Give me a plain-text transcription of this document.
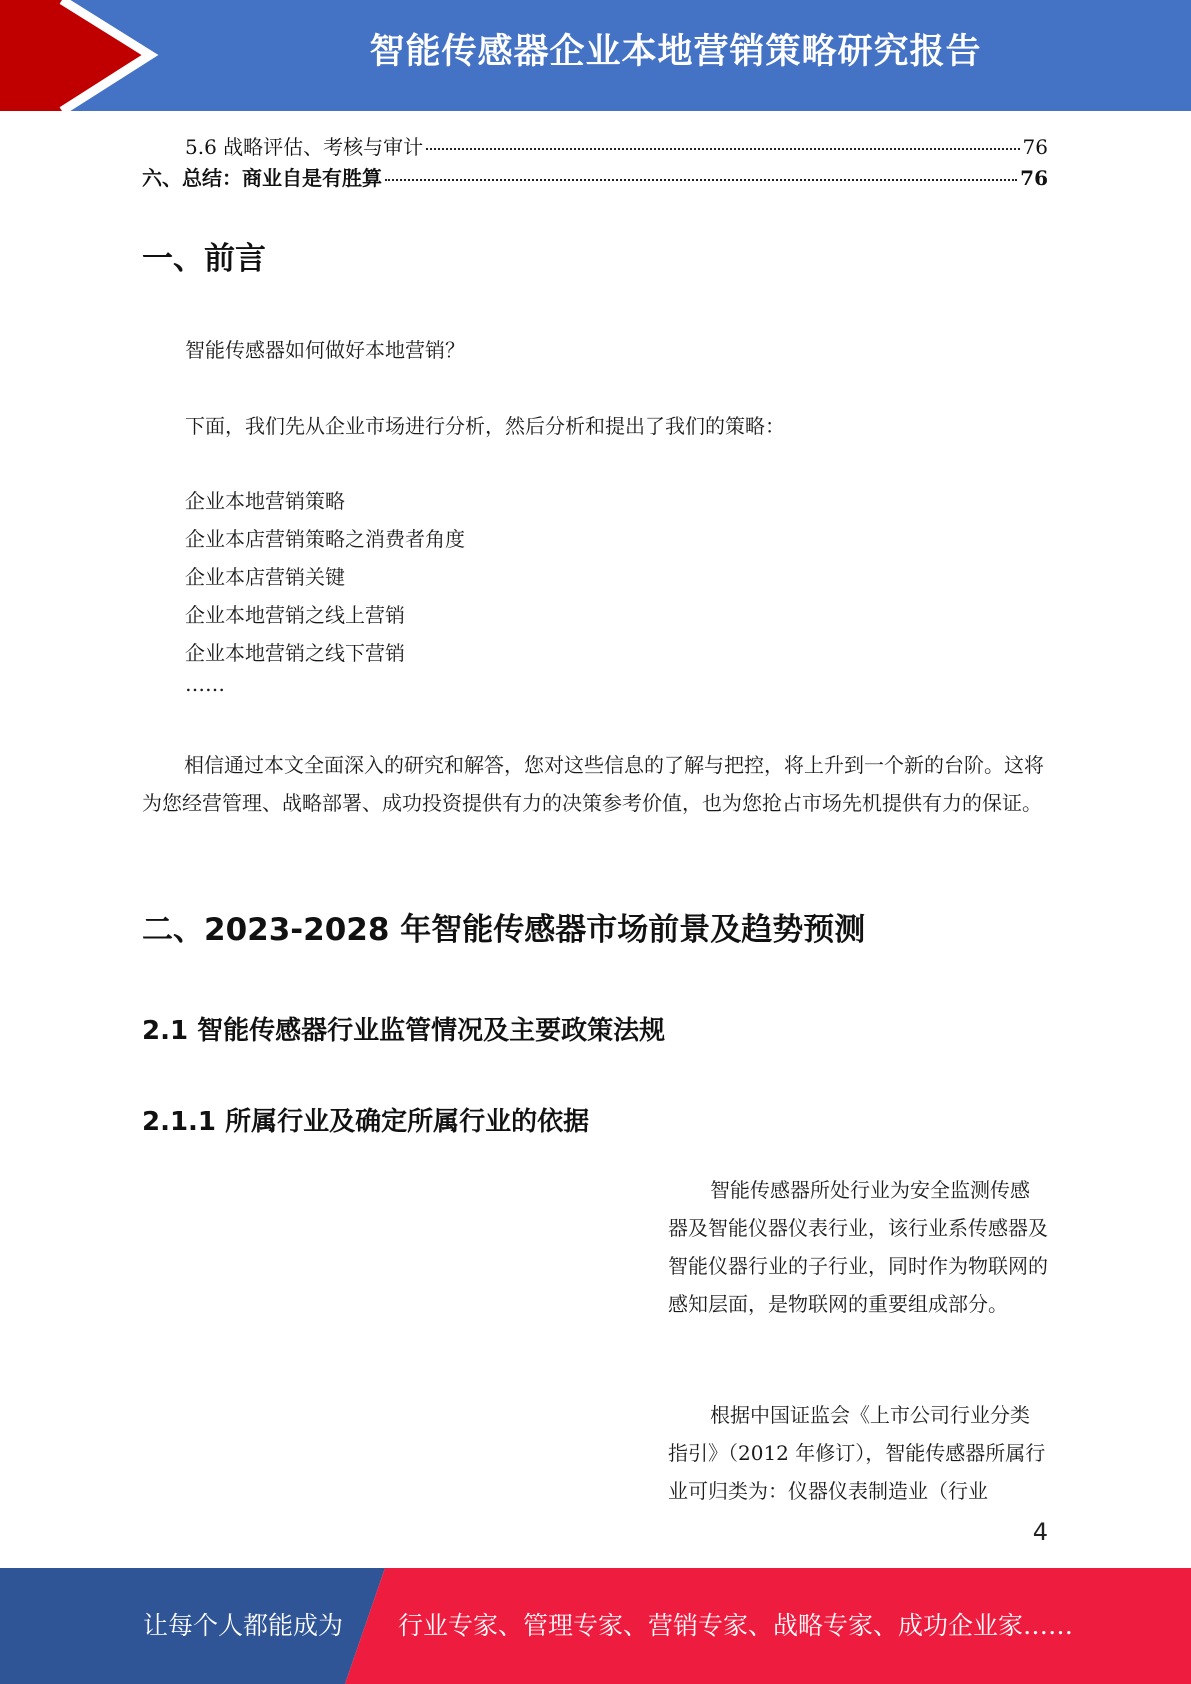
智能传感器企业本地营销策略研究报告
5.6 战略评估、考核与审计	76
六、总结：商业自是有胜算	76
一、前言
智能传感器如何做好本地营销？
下面，我们先从企业市场进行分析，然后分析和提出了我们的策略：
企业本地营销策略
企业本店营销策略之消费者角度
企业本店营销关键
企业本地营销之线上营销
企业本地营销之线下营销
……

相信通过本文全面深入的研究和解答，您对这些信息的了解与把控，将上升到一个新的台阶。这将为您经营管理、战略部署、成功投资提供有力的决策参考价值，也为您抢占市场先机提供有力的保证。

二、2023-2028 年智能传感器市场前景及趋势预测
2.1 智能传感器行业监管情况及主要政策法规
2.1.1 所属行业及确定所属行业的依据

智能传感器所处行业为安全监测传感器及智能仪器仪表行业，该行业系传感器及智能仪器行业的子行业，同时作为物联网的感知层面，是物联网的重要组成部分。

根据中国证监会《上市公司行业分类指引》（2012 年修订），智能传感器所属行业可归类为：仪器仪表制造业（行业

4
让每个人都能成为 行业专家、管理专家、营销专家、战略专家、成功企业家……
